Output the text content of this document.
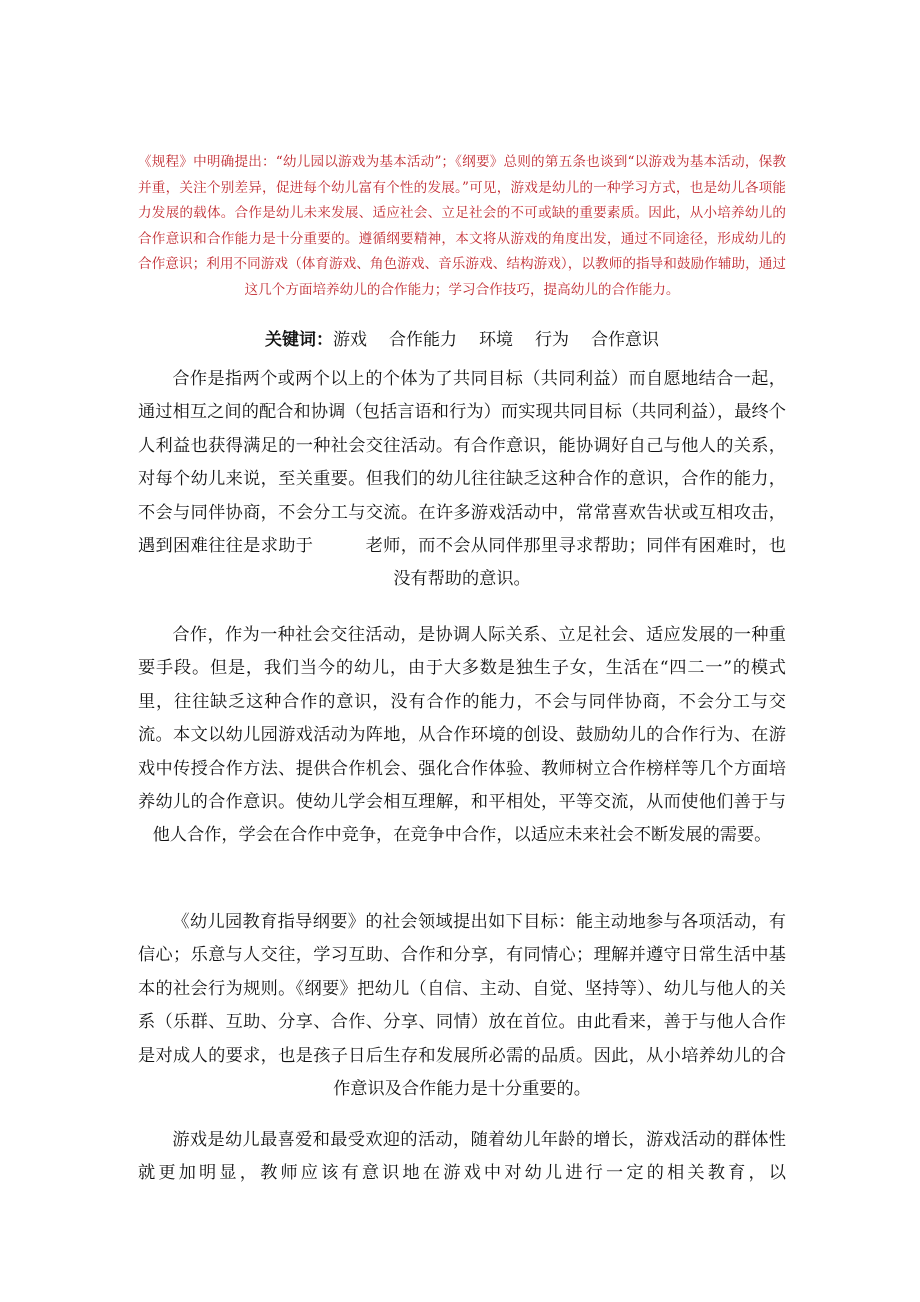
《规程》中明确提出：“幼儿园以游戏为基本活动”；《纲要》总则的第五条也谈到“以游戏为基本活动，保教并重，关注个别差异，促进每个幼儿富有个性的发展。”可见，游戏是幼儿的一种学习方式，也是幼儿各项能力发展的载体。合作是幼儿未来发展、适应社会、立足社会的不可或缺的重要素质。因此，从小培养幼儿的合作意识和合作能力是十分重要的。遵循纲要精神，本文将从游戏的角度出发，通过不同途径，形成幼儿的合作意识；利用不同游戏（体育游戏、角色游戏、音乐游戏、结构游戏），以教师的指导和鼓励作辅助，通过这几个方面培养幼儿的合作能力；学习合作技巧，提高幼儿的合作能力。

关键词：游戏 合作能力 环境 行为 合作意识

合作是指两个或两个以上的个体为了共同目标（共同利益）而自愿地结合一起，通过相互之间的配合和协调（包括言语和行为）而实现共同目标（共同利益），最终个人利益也获得满足的一种社会交往活动。有合作意识，能协调好自己与他人的关系，对每个幼儿来说，至关重要。但我们的幼儿往往缺乏这种合作的意识，合作的能力，不会与同伴协商，不会分工与交流。在许多游戏活动中，常常喜欢告状或互相攻击，遇到困难往往是求助于	老师，而不会从同伴那里寻求帮助；同伴有困难时，也没有帮助的意识。

合作，作为一种社会交往活动，是协调人际关系、立足社会、适应发展的一种重要手段。但是，我们当今的幼儿，由于大多数是独生子女，生活在“四二一”的模式里，往往缺乏这种合作的意识，没有合作的能力，不会与同伴协商，不会分工与交流。本文以幼儿园游戏活动为阵地，从合作环境的创设、鼓励幼儿的合作行为、在游戏中传授合作方法、提供合作机会、强化合作体验、教师树立合作榜样等几个方面培养幼儿的合作意识。使幼儿学会相互理解，和平相处，平等交流，从而使他们善于与他人合作，学会在合作中竞争，在竞争中合作，以适应未来社会不断发展的需要。

《幼儿园教育指导纲要》的社会领域提出如下目标：能主动地参与各项活动，有信心；乐意与人交往，学习互助、合作和分享，有同情心；理解并遵守日常生活中基本的社会行为规则。《纲要》把幼儿（自信、主动、自觉、坚持等）、幼儿与他人的关系（乐群、互助、分享、合作、分享、同情）放在首位。由此看来，善于与他人合作是对成人的要求，也是孩子日后生存和发展所必需的品质。因此，从小培养幼儿的合作意识及合作能力是十分重要的。

游戏是幼儿最喜爱和最受欢迎的活动，随着幼儿年龄的增长，游戏活动的群体性就更加明显，教师应该有意识地在游戏中对幼儿进行一定的相关教育，以
